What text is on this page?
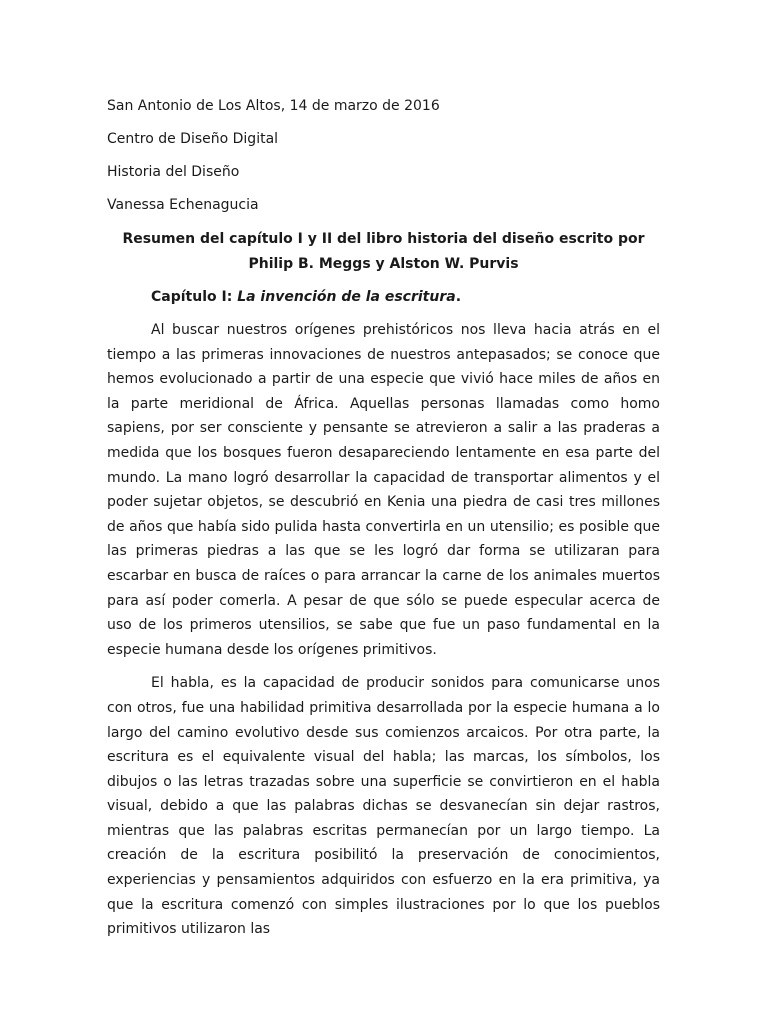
San Antonio de Los Altos, 14 de marzo de 2016

Centro de Diseño Digital

Historia del Diseño

Vanessa Echenagucia

Resumen del capítulo I y II del libro historia del diseño escrito por
Philip B. Meggs y Alston W. Purvis

Capítulo I: La invención de la escritura.

Al buscar nuestros orígenes prehistóricos nos lleva hacia atrás en el tiempo a las primeras innovaciones de nuestros antepasados; se conoce que hemos evolucionado a partir de una especie que vivió hace miles de años en la parte meridional de África. Aquellas personas llamadas como homo sapiens, por ser consciente y pensante se atrevieron a salir a las praderas a medida que los bosques fueron desapareciendo lentamente en esa parte del mundo. La mano logró desarrollar la capacidad de transportar alimentos y el poder sujetar objetos, se descubrió en Kenia una piedra de casi tres millones de años que había sido pulida hasta convertirla en un utensilio; es posible que las primeras piedras a las que se les logró dar forma se utilizaran para escarbar en busca de raíces o para arrancar la carne de los animales muertos para así poder comerla. A pesar de que sólo se puede especular acerca de uso de los primeros utensilios, se sabe que fue un paso fundamental en la especie humana desde los orígenes primitivos.

El habla, es la capacidad de producir sonidos para comunicarse unos con otros, fue una habilidad primitiva desarrollada por la especie humana a lo largo del camino evolutivo desde sus comienzos arcaicos. Por otra parte, la escritura es el equivalente visual del habla; las marcas, los símbolos, los dibujos o las letras trazadas sobre una superficie se convirtieron en el habla visual, debido a que las palabras dichas se desvanecían sin dejar rastros, mientras que las palabras escritas permanecían por un largo tiempo. La creación de la escritura posibilitó la preservación de conocimientos, experiencias y pensamientos adquiridos con esfuerzo en la era primitiva, ya que la escritura comenzó con simples ilustraciones por lo que los pueblos primitivos utilizaron las
